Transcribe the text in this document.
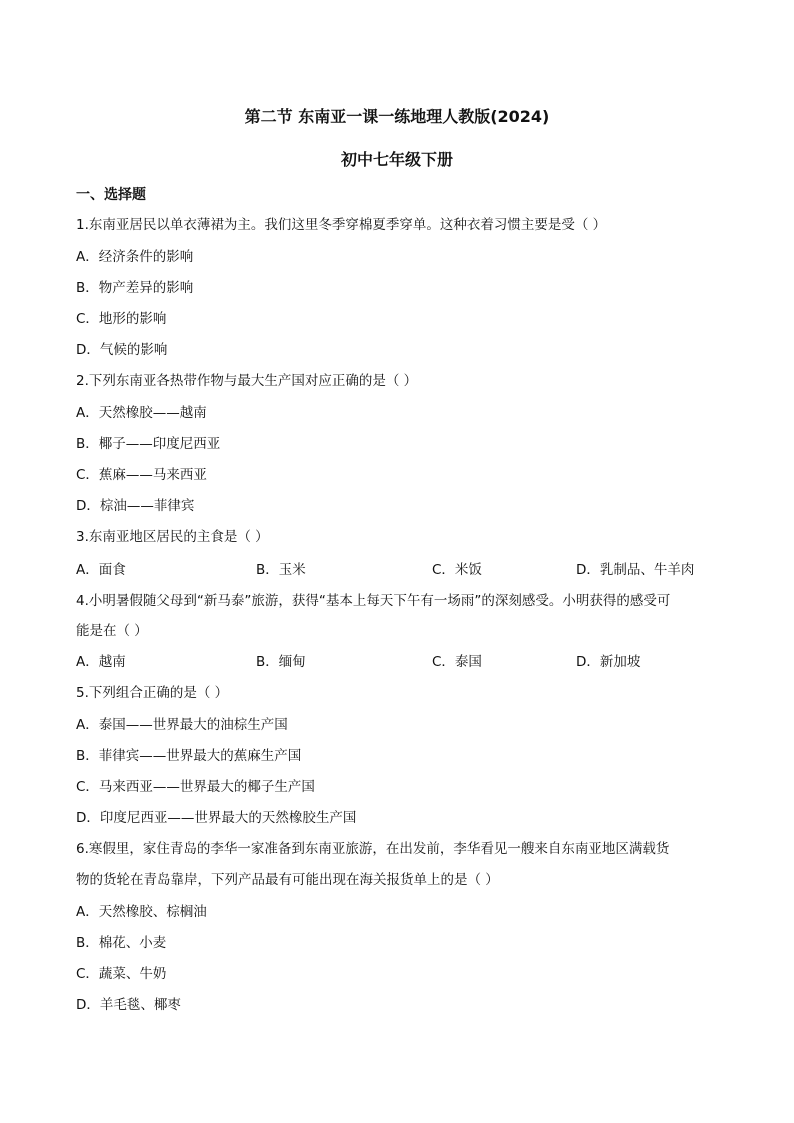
第二节 东南亚一课一练地理人教版(2024)
初中七年级下册
一、选择题

1.东南亚居民以单衣薄裙为主。我们这里冬季穿棉夏季穿单。这种衣着习惯主要是受（ ）

A．经济条件的影响

B．物产差异的影响

C．地形的影响

D．气候的影响

2.下列东南亚各热带作物与最大生产国对应正确的是（ ）

A．天然橡胶——越南

B．椰子——印度尼西亚

C．蕉麻——马来西亚

D．棕油——菲律宾

3.东南亚地区居民的主食是（ ）

A．面食	B．玉米	C．米饭	D．乳制品、牛羊肉

4.小明暑假随父母到“新马泰”旅游，获得“基本上每天下午有一场雨”的深刻感受。小明获得的感受可

能是在（ ）

A．越南	B．缅甸	C．泰国	D．新加坡

5.下列组合正确的是（ ）

A．泰国——世界最大的油棕生产国

B．菲律宾——世界最大的蕉麻生产国

C．马来西亚——世界最大的椰子生产国

D．印度尼西亚——世界最大的天然橡胶生产国

6.寒假里，家住青岛的李华一家准备到东南亚旅游，在出发前，李华看见一艘来自东南亚地区满载货

物的货轮在青岛靠岸，下列产品最有可能出现在海关报货单上的是（ ）

A．天然橡胶、棕榈油

B．棉花、小麦

C．蔬菜、牛奶

D．羊毛毯、椰枣
